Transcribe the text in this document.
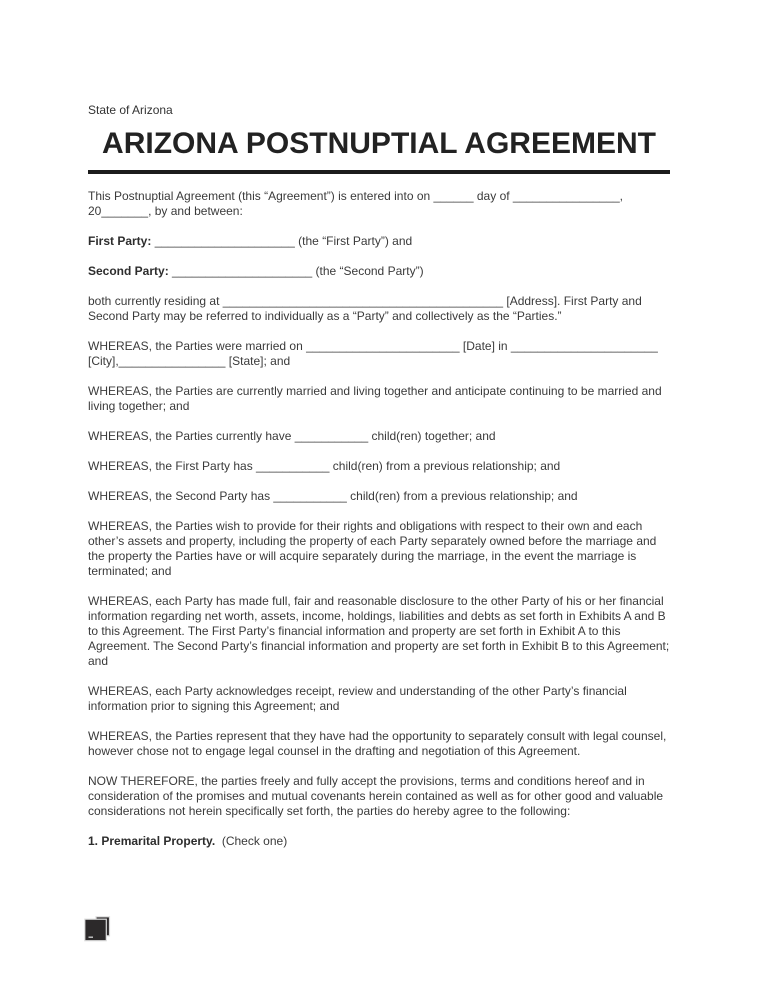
State of Arizona
ARIZONA POSTNUPTIAL AGREEMENT

This Postnuptial Agreement (this “Agreement”) is entered into on ______ day of ________________, 20_______, by and between:

First Party: _____________________ (the “First Party”) and

Second Party: _____________________ (the “Second Party”)

both currently residing at __________________________________________ [Address]. First Party and Second Party may be referred to individually as a “Party” and collectively as the “Parties.”

WHEREAS, the Parties were married on _______________________ [Date] in ______________________ [City],________________ [State]; and

WHEREAS, the Parties are currently married and living together and anticipate continuing to be married and living together; and

WHEREAS, the Parties currently have ___________ child(ren) together; and

WHEREAS, the First Party has ___________ child(ren) from a previous relationship; and

WHEREAS, the Second Party has ___________ child(ren) from a previous relationship; and

WHEREAS, the Parties wish to provide for their rights and obligations with respect to their own and each other’s assets and property, including the property of each Party separately owned before the marriage and the property the Parties have or will acquire separately during the marriage, in the event the marriage is terminated; and

WHEREAS, each Party has made full, fair and reasonable disclosure to the other Party of his or her financial information regarding net worth, assets, income, holdings, liabilities and debts as set forth in Exhibits A and B to this Agreement. The First Party’s financial information and property are set forth in Exhibit A to this Agreement. The Second Party’s financial information and property are set forth in Exhibit B to this Agreement; and

WHEREAS, each Party acknowledges receipt, review and understanding of the other Party’s financial information prior to signing this Agreement; and

WHEREAS, the Parties represent that they have had the opportunity to separately consult with legal counsel, however chose not to engage legal counsel in the drafting and negotiation of this Agreement.

NOW THEREFORE, the parties freely and fully accept the provisions, terms and conditions hereof and in consideration of the promises and mutual covenants herein contained as well as for other good and valuable considerations not herein specifically set forth, the parties do hereby agree to the following:

1. Premarital Property.  (Check one)
